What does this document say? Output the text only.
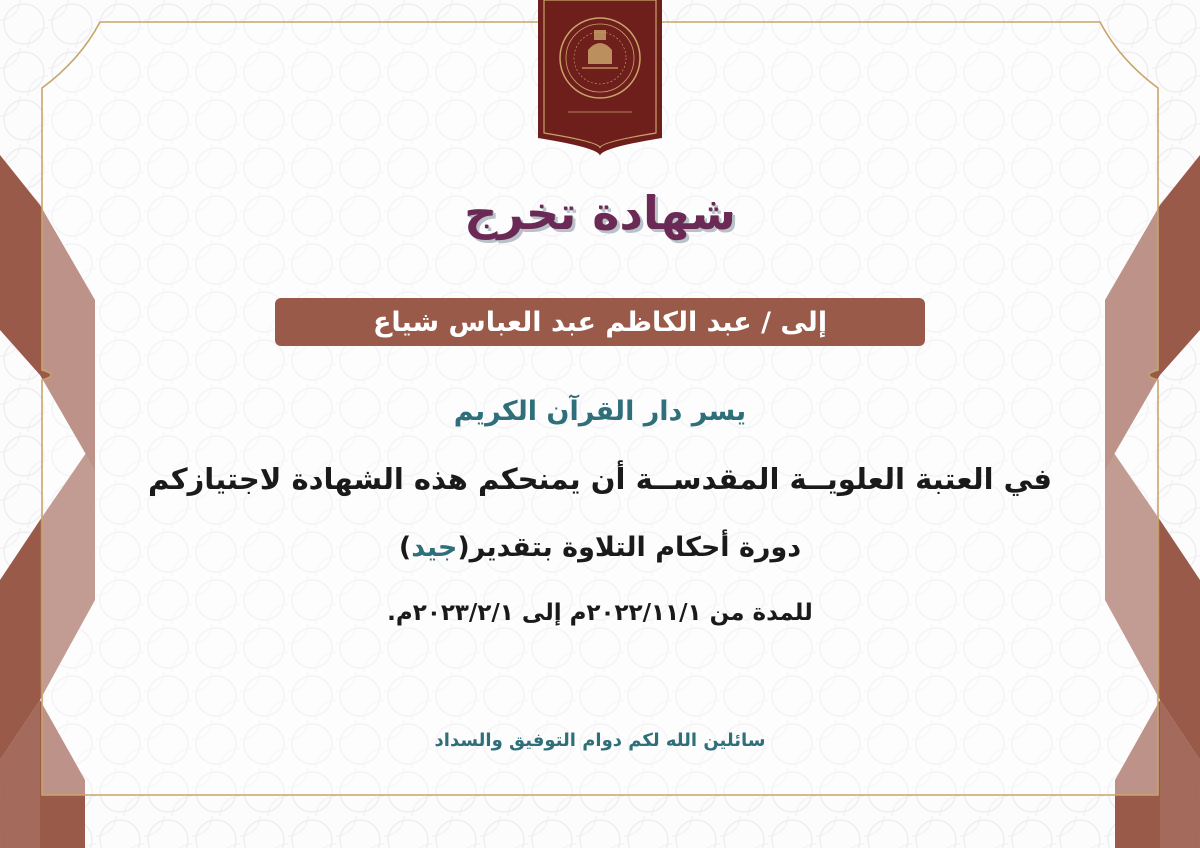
شهادة تخرج
إلى / عبد الكاظم عبد العباس شياع
يسر دار القرآن الكريم
في العتبة العلويــة المقدســة أن يمنحكم هذه الشهادة لاجتيازكم
دورة أحكام التلاوة بتقدير(جيد)
للمدة من ٢٠٢٢/١١/١م إلى ٢٠٢٣/٢/١م.
سائلين الله لكم دوام التوفيق والسداد
